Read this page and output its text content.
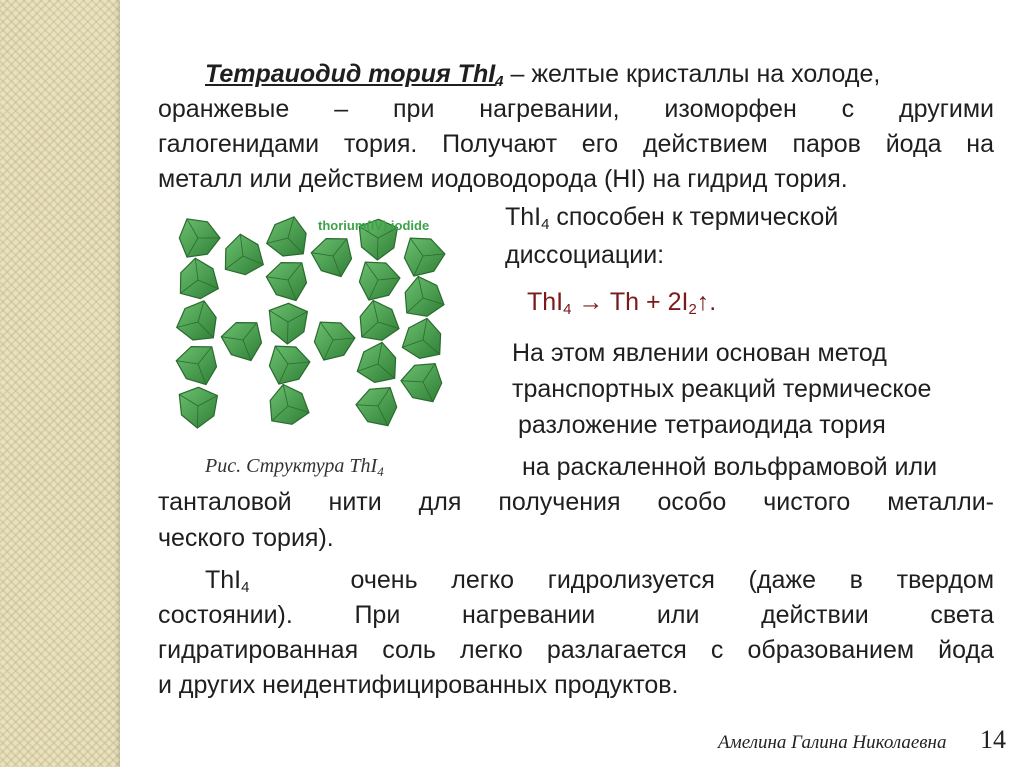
Тетраиодид тория ThI$_4$ – желтые кристаллы на холоде,
оранжевые – при нагревании, изоморфен с другими
галогенидами тория. Получают его действием паров йода на
металл или действием иодоводорода (HI) на гидрид тория.
ThI$_4$ способен к термической
диссоциации:
$ThI_4 \to Th + 2I_2↑$.
На этом явлении основан метод
транспортных реакций термическое
разложение тетраиодида тория
на раскаленной вольфрамовой или
танталовой нити для получения особо чистого металли-
ческого тория).
Рис. Структура ThI$_4$
ThI$_4$	очень легко гидролизуется (даже в твердом
состоянии). При нагревании или действии света
гидратированная соль легко разлагается с образованием йода
и других неидентифицированных продуктов.
Амелина Галина Николаевна 14
thorium(IV) iodide
